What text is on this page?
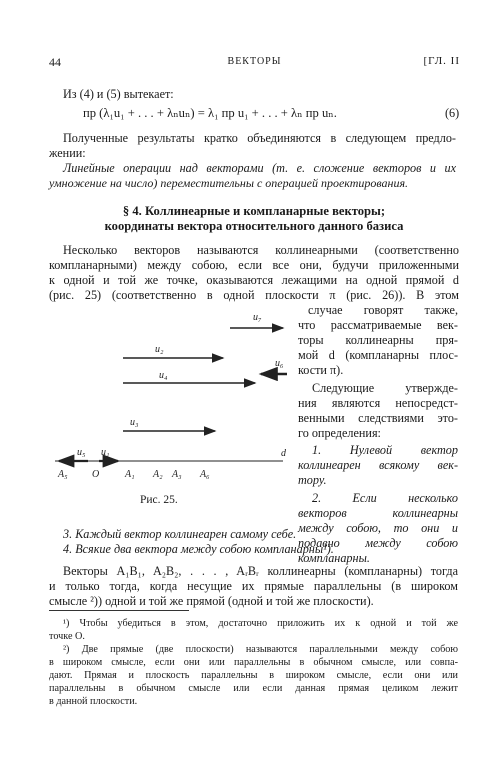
44	ВЕКТОРЫ	[ГЛ. II
Из (4) и (5) вытекает:
пр (λ₁u₁ + . . . + λₙuₙ) = λ₁ пр u₁ + . . . + λₙ пр uₙ.	(6)
Полученные результаты кратко объединяются в следующем предло-
жении:
Линейные операции над векторами (т. е. сложение векторов и их
умножение на число) переместительны с операцией проектирования.
§ 4. Коллинеарные и компланарные векторы;
координаты вектора относительного данного базиса
Несколько векторов называются коллинеарными (соответственно
компланарными) между собою, если все они, будучи приложенными
к одной и той же точке, оказываются лежащими на одной прямой d
(рис. 25) (соответственно в одной плоскости π (рис. 26)). В этом
случае говорят также,
что рассматриваемые век-
торы коллинеарны пря-
мой d (компланарны плос-
кости π).
Следующие утвержде-
ния являются непосредст-
венными следствиями это-
го определения:
1. Нулевой вектор
коллинеарен всякому век-
тору.
2. Если несколько
векторов коллинеарны
между собою, то они и
подавно между собою
компланарны.
u₇
u₂
u₆
u₄
u₃
d
u₅ u₁
A₅ O	A₁ A₂ A₃ A₆
Рис. 25.
3. Каждый вектор коллинеарен самому себе.
4. Всякие два вектора между собою компланарны¹).
Векторы A₁B₁, A₂B₂, . . . , AᵣBᵣ коллинеарны (компланарны) тогда
и только тогда, когда несущие их прямые параллельны (в широком
смысле ²)) одной и той же прямой (одной и той же плоскости).
¹) Чтобы убедиться в этом, достаточно приложить их к одной и той же
точке O.
²) Две прямые (две плоскости) называются параллельными между собою
в широком смысле, если они или параллельны в обычном смысле, или совпа-
дают. Прямая и плоскость параллельны в широком смысле, если они или
параллельны в обычном смысле или если данная прямая целиком лежит
в данной плоскости.
